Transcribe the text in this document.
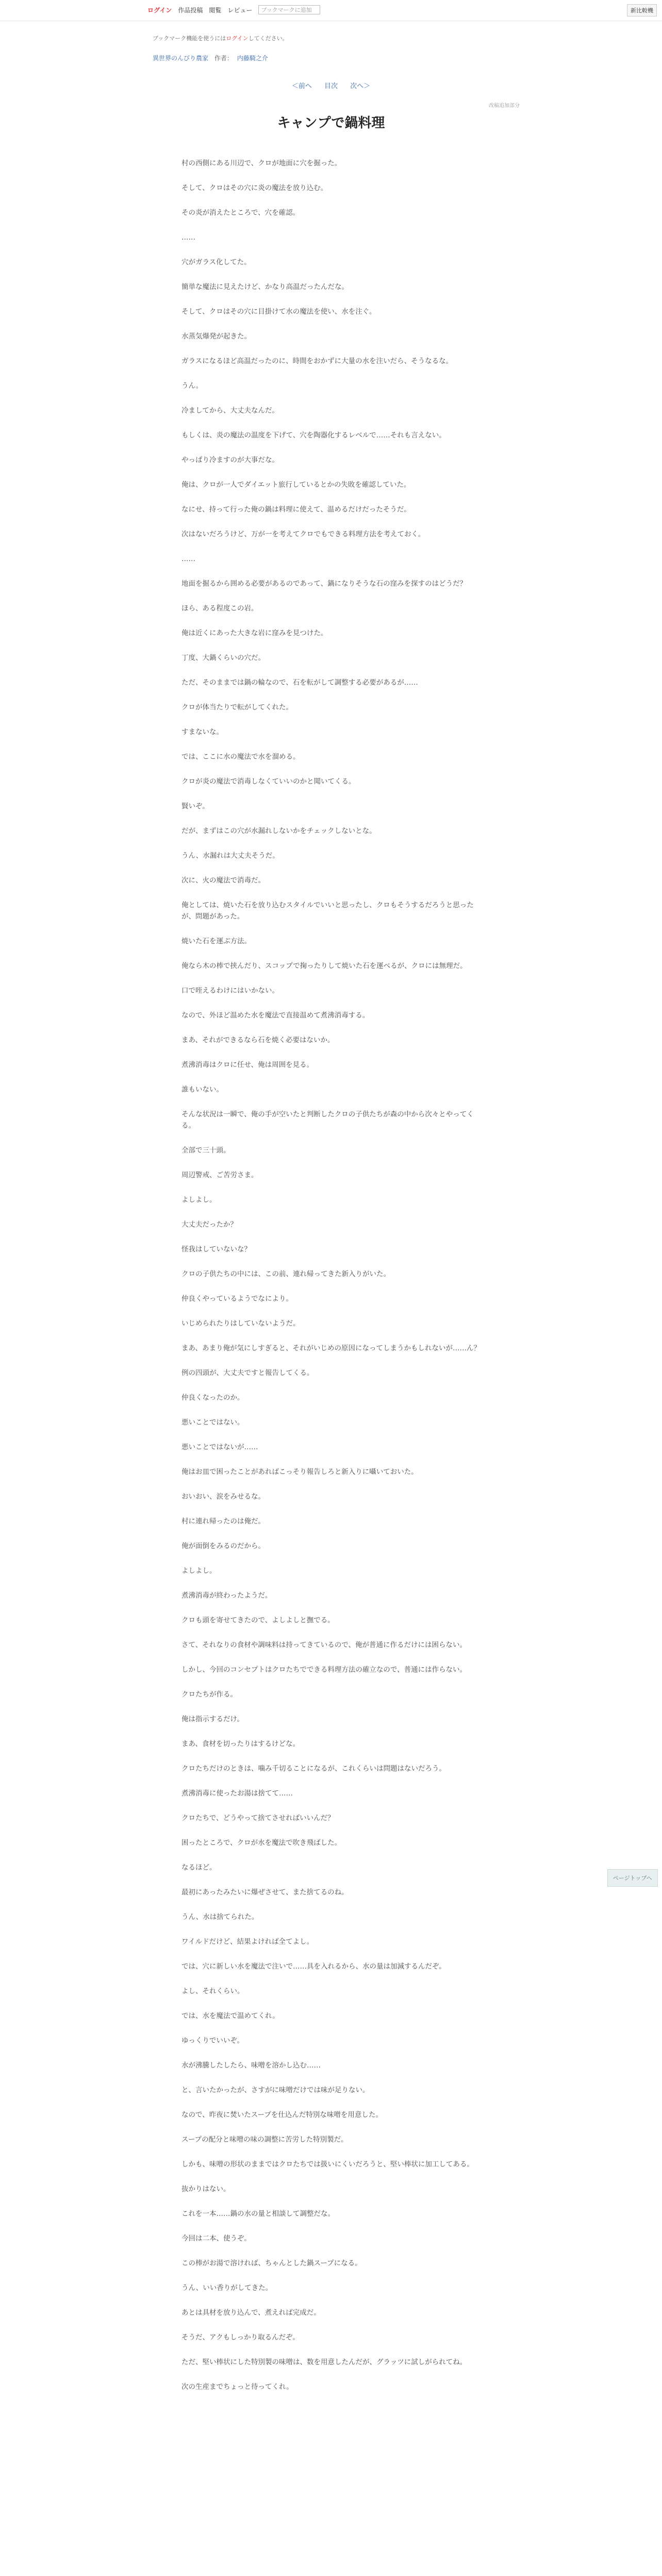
ログイン 作品投稿 閲覧 レビュー	ブックマークに追加	新比較機
ブックマーク機能を使うにはログインしてください。
異世界のんびり農家 作者： 内藤騎之介
＜前へ 目次 次へ＞
改稿追加部分
キャンプで鍋料理

村の西側にある川辺で、クロが地面に穴を掘った。

そして、クロはその穴に炎の魔法を放り込む。

その炎が消えたところで、穴を確認。

……

穴がガラス化してた。

簡単な魔法に見えたけど、かなり高温だったんだな。

そして、クロはその穴に目掛けて水の魔法を使い、水を注ぐ。

水蒸気爆発が起きた。

ガラスになるほど高温だったのに、時間をおかずに大量の水を注いだら、そうなるな。

うん。

冷ましてから、大丈夫なんだ。

もしくは、炎の魔法の温度を下げて、穴を陶器化するレベルで……それも言えない。

やっぱり冷ますのが大事だな。

俺は、クロが一人でダイエット旅行しているとかの失敗を確認していた。

なにせ、持って行った俺の鍋は料理に使えて、温めるだけだったそうだ。

次はないだろうけど、万が一を考えてクロでもできる料理方法を考えておく。

……

地面を掘るから囲める必要があるのであって、鍋になりそうな石の窪みを探すのはどうだ？

ほら、ある程度この岩。

俺は近くにあった大きな岩に窪みを見つけた。

丁度、大鍋くらいの穴だ。

ただ、そのままでは鍋の輪なので、石を転がして調整する必要があるが……

クロが体当たりで転がしてくれた。

すまないな。

では、ここに水の魔法で水を溜める。

クロが炎の魔法で消毒しなくていいのかと聞いてくる。

賢いぞ。

だが、まずはこの穴が水漏れしないかをチェックしないとな。

うん、水漏れは大丈夫そうだ。

次に、火の魔法で消毒だ。

俺としては、焼いた石を放り込むスタイルでいいと思ったし、クロもそうするだろうと思ったが、問題があった。

焼いた石を運ぶ方法。

俺なら木の棒で挟んだり、スコップで掬ったりして焼いた石を運べるが、クロには無理だ。

口で咥えるわけにはいかない。

なので、外ほど温めた水を魔法で直接温めて煮沸消毒する。

まあ、それができるなら石を焼く必要はないか。

煮沸消毒はクロに任せ、俺は周囲を見る。

誰もいない。

そんな状況は一瞬で、俺の手が空いたと判断したクロの子供たちが森の中から次々とやってくる。

全部で三十頭。

周辺警戒、ご苦労さま。

よしよし。

大丈夫だったか？

怪我はしていないな？

クロの子供たちの中には、この前、連れ帰ってきた新入りがいた。

仲良くやっているようでなにより。

いじめられたりはしていないようだ。

まあ、あまり俺が気にしすぎると、それがいじめの原因になってしまうかもしれないが……ん？

例の四頭が、大丈夫ですと報告してくる。

仲良くなったのか。

悪いことではない。

悪いことではないが……

俺はお皿で困ったことがあればこっそり報告しろと新入りに囁いておいた。

おいおい、涙をみせるな。

村に連れ帰ったのは俺だ。

俺が面倒をみるのだから。

よしよし。

煮沸消毒が終わったようだ。

クロも頭を寄せてきたので、よしよしと撫でる。

さて、それなりの食材や調味料は持ってきているので、俺が普通に作るだけには困らない。

しかし、今回のコンセプトはクロたちでできる料理方法の確立なので、普通には作らない。

クロたちが作る。

俺は指示するだけ。

まあ、食材を切ったりはするけどな。

クロたちだけのときは、噛み千切ることになるが、これくらいは問題はないだろう。

煮沸消毒に使ったお湯は捨てて……

クロたちで、どうやって捨てさせればいいんだ？

困ったところで、クロが水を魔法で吹き飛ばした。

なるほど。

最初にあったみたいに爆ぜさせて、また捨てるのね。

うん、水は捨てられた。

ワイルドだけど、結果よければ全てよし。

では、穴に新しい水を魔法で注いで……具を入れるから、水の量は加減するんだぞ。

よし、それくらい。

では、水を魔法で温めてくれ。

ゆっくりでいいぞ。

水が沸騰したしたら、味噌を溶かし込む……

と、言いたかったが、さすがに味噌だけでは味が足りない。

なので、昨夜に焚いたスープを仕込んだ特別な味噌を用意した。

スープの配分と味噌の味の調整に苦労した特別製だ。

しかも、味噌の形状のままではクロたちでは扱いにくいだろうと、堅い棒状に加工してある。

抜かりはない。

これを一本……鍋の水の量と相談して調整だな。

今回は二本、使うぞ。

この棒がお湯で溶ければ、ちゃんとした鍋スープになる。

うん、いい香りがしてきた。

あとは具材を放り込んで、煮えれば完成だ。

そうだ、アクもしっかり取るんだぞ。

ただ、堅い棒状にした特別製の味噌は、数を用意したんだが、グラッツに試しがられてね。

次の生産までちょっと待ってくれ。

ページトップへ
